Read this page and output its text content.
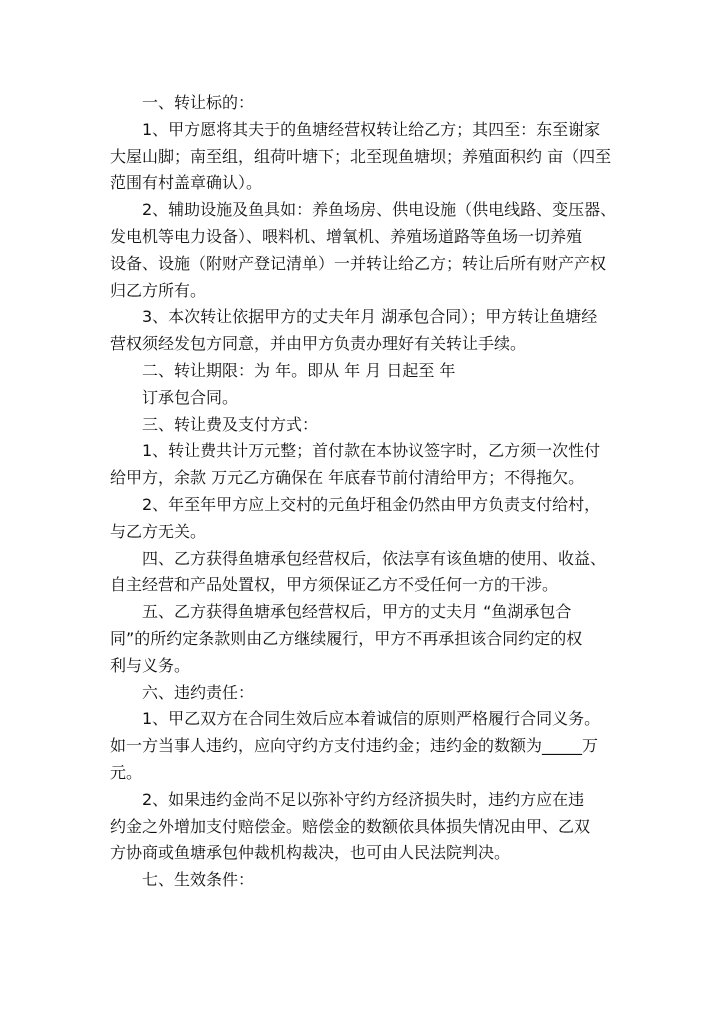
一、转让标的：
1、甲方愿将其夫于的鱼塘经营权转让给乙方；其四至：东至谢家
大屋山脚；南至组，组荷叶塘下；北至现鱼塘坝；养殖面积约 亩（四至
范围有村盖章确认）。
2、辅助设施及鱼具如：养鱼场房、供电设施（供电线路、变压器、
发电机等电力设备）、喂料机、增氧机、养殖场道路等鱼场一切养殖
设备、设施（附财产登记清单）一并转让给乙方；转让后所有财产产权
归乙方所有。
3、本次转让依据甲方的丈夫年月 湖承包合同）；甲方转让鱼塘经
营权须经发包方同意，并由甲方负责办理好有关转让手续。
二、转让期限：为 年。即从 年 月 日起至 年
订承包合同。
三、转让费及支付方式：
1、转让费共计万元整；首付款在本协议签字时，乙方须一次性付
给甲方，余款 万元乙方确保在 年底春节前付清给甲方；不得拖欠。
2、年至年甲方应上交村的元鱼圩租金仍然由甲方负责支付给村，
与乙方无关。
四、乙方获得鱼塘承包经营权后，依法享有该鱼塘的使用、收益、
自主经营和产品处置权，甲方须保证乙方不受任何一方的干涉。
五、乙方获得鱼塘承包经营权后，甲方的丈夫月 “鱼湖承包合
同”的所约定条款则由乙方继续履行，甲方不再承担该合同约定的权
利与义务。
六、违约责任：
1、甲乙双方在合同生效后应本着诚信的原则严格履行合同义务。
如一方当事人违约，应向守约方支付违约金；违约金的数额为_____万
元。
2、如果违约金尚不足以弥补守约方经济损失时，违约方应在违
约金之外增加支付赔偿金。赔偿金的数额依具体损失情况由甲、乙双
方协商或鱼塘承包仲裁机构裁决，也可由人民法院判决。
七、生效条件：
